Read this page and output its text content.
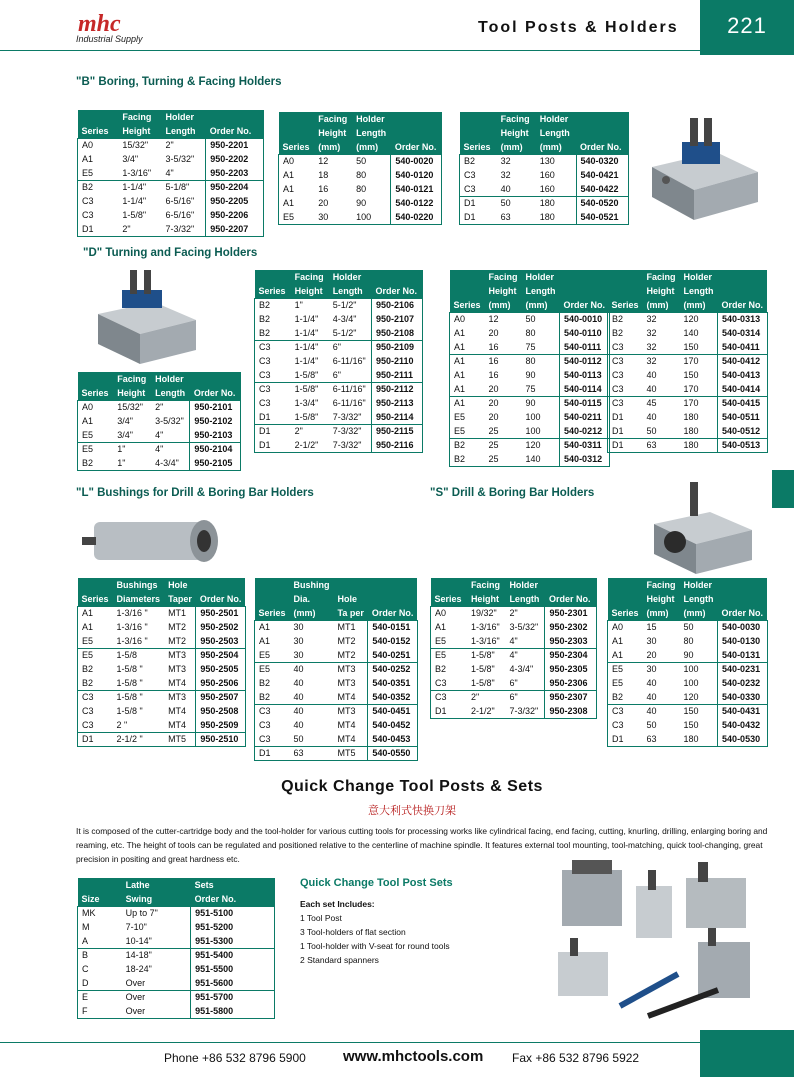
mhc
Industrial Supply
Tool Posts & Holders	221
"B" Boring, Turning & Facing Holders
"D" Turning and Facing Holders
"L" Bushings for Drill & Boring Bar Holders	"S" Drill & Boring Bar Holders
	Facing	Holder	
Series	Height	Length	Order No.
A0	15/32"	2"	950-2201
A1	3/4"	3-5/32"	950-2202
E5	1-3/16"	4"	950-2203
B2	1-1/4"	5-1/8"	950-2204
C3	1-1/4"	6-5/16"	950-2205
C3	1-5/8"	6-5/16"	950-2206
D1	2"	7-3/32"	950-2207
	Facing	Holder	
	Height	Length	
Series	(mm)	(mm)	Order No.
A0	12	50	540-0020
A1	18	80	540-0120
A1	16	80	540-0121
A1	20	90	540-0122
E5	30	100	540-0220
	Facing	Holder	
	Height	Length	
Series	(mm)	(mm)	Order No.
B2	32	130	540-0320
C3	32	160	540-0421
C3	40	160	540-0422
D1	50	180	540-0520
D1	63	180	540-0521
	Facing	Holder	
Series	Height	Length	Order No.
A0	15/32"	2"	950-2101
A1	3/4"	3-5/32"	950-2102
E5	3/4"	4"	950-2103
E5	1"	4"	950-2104
B2	1"	4-3/4"	950-2105
	Facing	Holder	
Series	Height	Length	Order No.
B2	1"	5-1/2"	950-2106
B2	1-1/4"	4-3/4"	950-2107
B2	1-1/4"	5-1/2"	950-2108
C3	1-1/4"	6"	950-2109
C3	1-1/4"	6-11/16"	950-2110
C3	1-5/8"	6"	950-2111
C3	1-5/8"	6-11/16"	950-2112
C3	1-3/4"	6-11/16"	950-2113
D1	1-5/8"	7-3/32"	950-2114
D1	2"	7-3/32"	950-2115
D1	2-1/2"	7-3/32"	950-2116
	Facing	Holder	
	Height	Length	
Series	(mm)	(mm)	Order No.
A0	12	50	540-0010
A1	20	80	540-0110
A1	16	75	540-0111
A1	16	80	540-0112
A1	16	90	540-0113
A1	20	75	540-0114
A1	20	90	540-0115
E5	20	100	540-0211
E5	25	100	540-0212
B2	25	120	540-0311
B2	25	140	540-0312
	Facing	Holder	
	Height	Length	
Series	(mm)	(mm)	Order No.
B2	32	120	540-0313
B2	32	140	540-0314
C3	32	150	540-0411
C3	32	170	540-0412
C3	40	150	540-0413
C3	40	170	540-0414
C3	45	170	540-0415
D1	40	180	540-0511
D1	50	180	540-0512
D1	63	180	540-0513
	Bushings	Hole	
Series	Diameters	Taper	Order No.
A1	1-3/16 "	MT1	950-2501
A1	1-3/16 "	MT2	950-2502
E5	1-3/16 "	MT2	950-2503
E5	1-5/8	MT3	950-2504
B2	1-5/8 "	MT3	950-2505
B2	1-5/8 "	MT4	950-2506
C3	1-5/8 "	MT3	950-2507
C3	1-5/8 "	MT4	950-2508
C3	2 "	MT4	950-2509
D1	2-1/2 "	MT5	950-2510
	Bushing		
	Dia.	Hole	
Series	(mm)	Ta per	Order No.
A1	30	MT1	540-0151
A1	30	MT2	540-0152
E5	30	MT2	540-0251
E5	40	MT3	540-0252
B2	40	MT3	540-0351
B2	40	MT4	540-0352
C3	40	MT3	540-0451
C3	40	MT4	540-0452
C3	50	MT4	540-0453
D1	63	MT5	540-0550
	Facing	Holder	
Series	Height	Length	Order No.
A0	19/32"	2"	950-2301
A1	1-3/16"	3-5/32"	950-2302
E5	1-3/16"	4"	950-2303
E5	1-5/8"	4"	950-2304
B2	1-5/8"	4-3/4"	950-2305
C3	1-5/8"	6"	950-2306
C3	2"	6"	950-2307
D1	2-1/2"	7-3/32"	950-2308
	Facing	Holder	
	Height	Length	
Series	(mm)	(mm)	Order No.
A0	15	50	540-0030
A1	30	80	540-0130
A1	20	90	540-0131
E5	30	100	540-0231
E5	40	100	540-0232
B2	40	120	540-0330
C3	40	150	540-0431
C3	50	150	540-0432
D1	63	180	540-0530
	Lathe	Sets
Size	Swing	Order No.
MK	Up to 7"	951-5100
M	7-10"	951-5200
A	10-14"	951-5300
B	14-18"	951-5400
C	18-24"	951-5500
D	Over	951-5600
E	Over	951-5700
F	Over	951-5800
Quick Change Tool Posts & Sets
意大利式快换刀架
It is composed of the cutter-cartridge body and the tool-holder for various cutting tools for processing works like cylindrical facing, end facing, cutting, knurling, drilling, enlarging boring and reaming, etc. The height of tools can be regulated and positioned relative to the centerline of machine spindle. It features external tool mounting, tool-matching, quick tool-changing, great precision in positing and great hardness etc.
Quick Change Tool Post Sets
Each set Includes:
1 Tool Post
3 Tool-holders of flat section
1 Tool-holder with V-seat for round tools
2 Standard spanners
Phone +86 532 8796 5900 www.mhctools.com Fax +86 532 8796 5922
